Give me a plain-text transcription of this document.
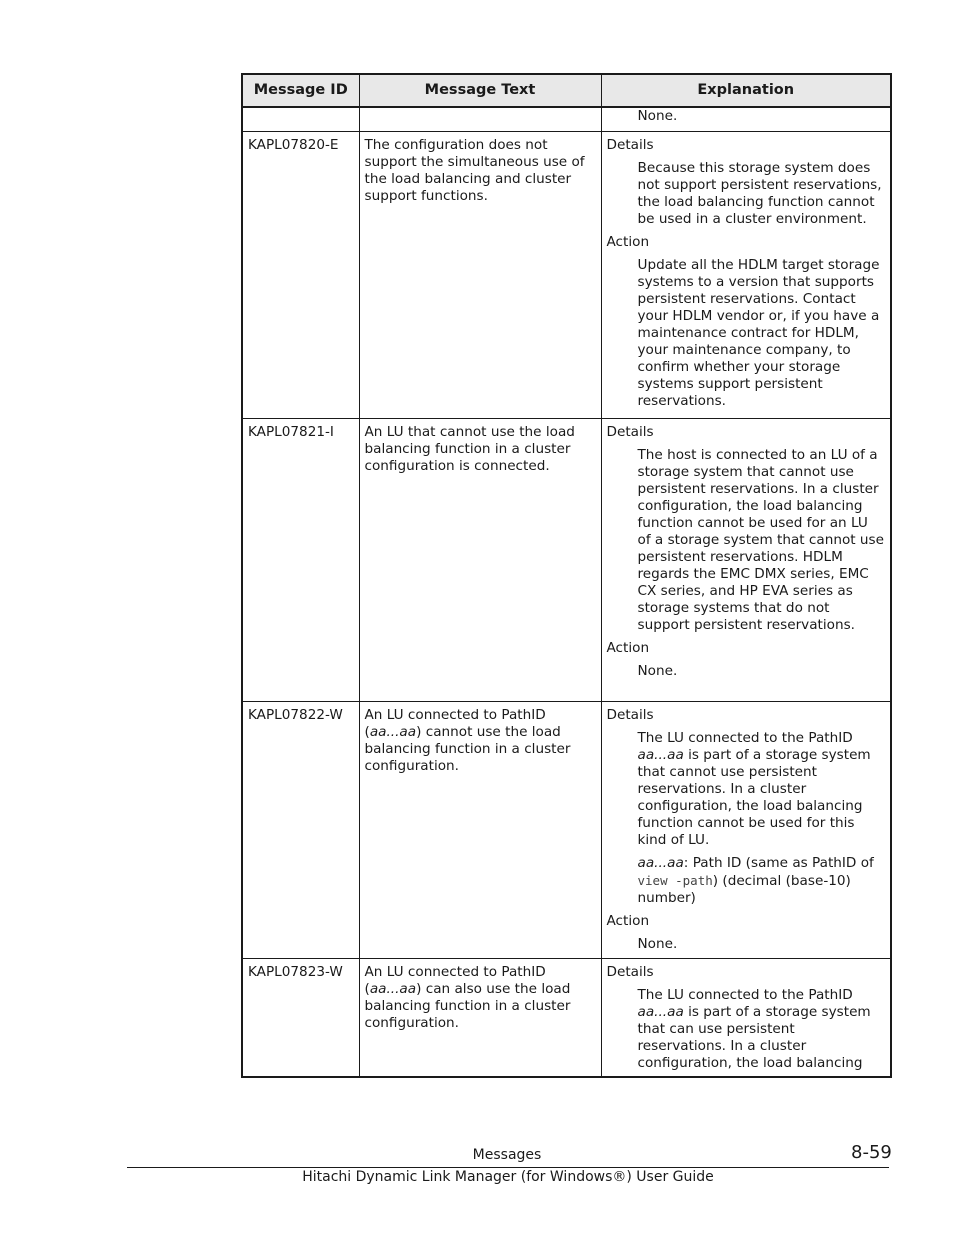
Message ID	Message Text	Explanation

		None.

KAPL07820-E	The configuration does not support the simultaneous use of the load balancing and cluster support functions.	Details
Because this storage system does not support persistent reservations, the load balancing function cannot be used in a cluster environment.
Action
Update all the HDLM target storage systems to a version that supports persistent reservations. Contact your HDLM vendor or, if you have a maintenance contract for HDLM, your maintenance company, to confirm whether your storage systems support persistent reservations.

KAPL07821-I	An LU that cannot use the load balancing function in a cluster configuration is connected.	Details
The host is connected to an LU of a storage system that cannot use persistent reservations. In a cluster configuration, the load balancing function cannot be used for an LU of a storage system that cannot use persistent reservations. HDLM regards the EMC DMX series, EMC CX series, and HP EVA series as storage systems that do not support persistent reservations.
Action
None.

KAPL07822-W	An LU connected to PathID (aa...aa) cannot use the load balancing function in a cluster configuration.	Details
The LU connected to the PathID aa...aa is part of a storage system that cannot use persistent reservations. In a cluster configuration, the load balancing function cannot be used for this kind of LU.
aa...aa: Path ID (same as PathID of view -path) (decimal (base-10) number)
Action
None.

KAPL07823-W	An LU connected to PathID (aa...aa) can also use the load balancing function in a cluster configuration.	Details
The LU connected to the PathID aa...aa is part of a storage system that can use persistent reservations. In a cluster configuration, the load balancing
Messages	8-59
Hitachi Dynamic Link Manager (for Windows®) User Guide
